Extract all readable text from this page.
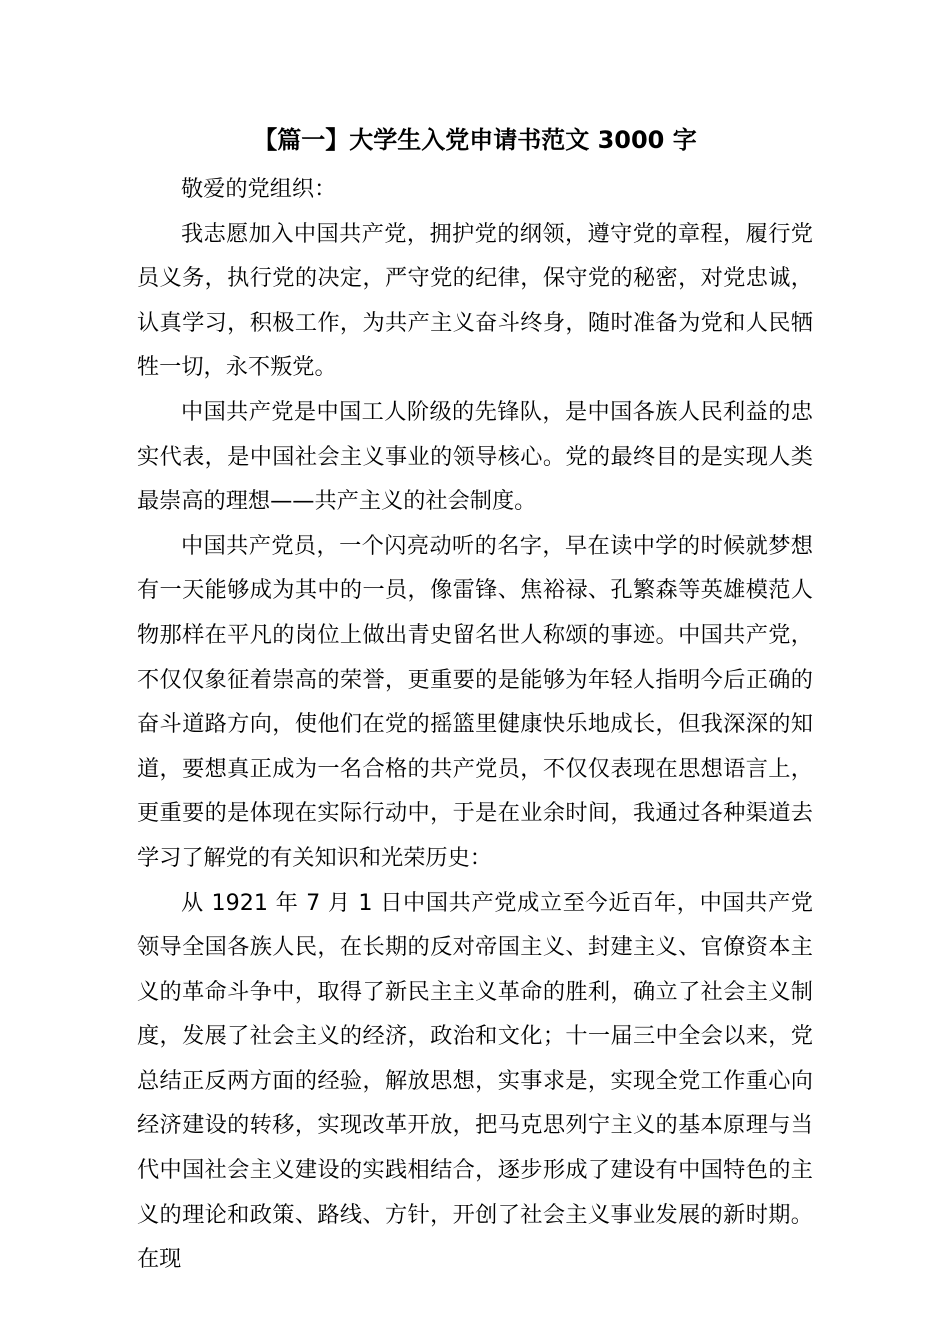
【篇一】大学生入党申请书范文 3000 字

敬爱的党组织：

我志愿加入中国共产党，拥护党的纲领，遵守党的章程，履行党员义务，执行党的决定，严守党的纪律，保守党的秘密，对党忠诚，认真学习，积极工作，为共产主义奋斗终身，随时准备为党和人民牺牲一切，永不叛党。

中国共产党是中国工人阶级的先锋队，是中国各族人民利益的忠实代表，是中国社会主义事业的领导核心。党的最终目的是实现人类最崇高的理想——共产主义的社会制度。

中国共产党员，一个闪亮动听的名字，早在读中学的时候就梦想有一天能够成为其中的一员，像雷锋、焦裕禄、孔繁森等英雄模范人物那样在平凡的岗位上做出青史留名世人称颂的事迹。中国共产党，不仅仅象征着崇高的荣誉，更重要的是能够为年轻人指明今后正确的奋斗道路方向，使他们在党的摇篮里健康快乐地成长，但我深深的知道，要想真正成为一名合格的共产党员，不仅仅表现在思想语言上，更重要的是体现在实际行动中，于是在业余时间，我通过各种渠道去学习了解党的有关知识和光荣历史：

从 1921 年 7 月 1 日中国共产党成立至今近百年，中国共产党领导全国各族人民，在长期的反对帝国主义、封建主义、官僚资本主义的革命斗争中，取得了新民主主义革命的胜利，确立了社会主义制度，发展了社会主义的经济，政治和文化；十一届三中全会以来，党总结正反两方面的经验，解放思想，实事求是，实现全党工作重心向经济建设的转移，实现改革开放，把马克思列宁主义的基本原理与当代中国社会主义建设的实践相结合，逐步形成了建设有中国特色的主义的理论和政策、路线、方针，开创了社会主义事业发展的新时期。在现
